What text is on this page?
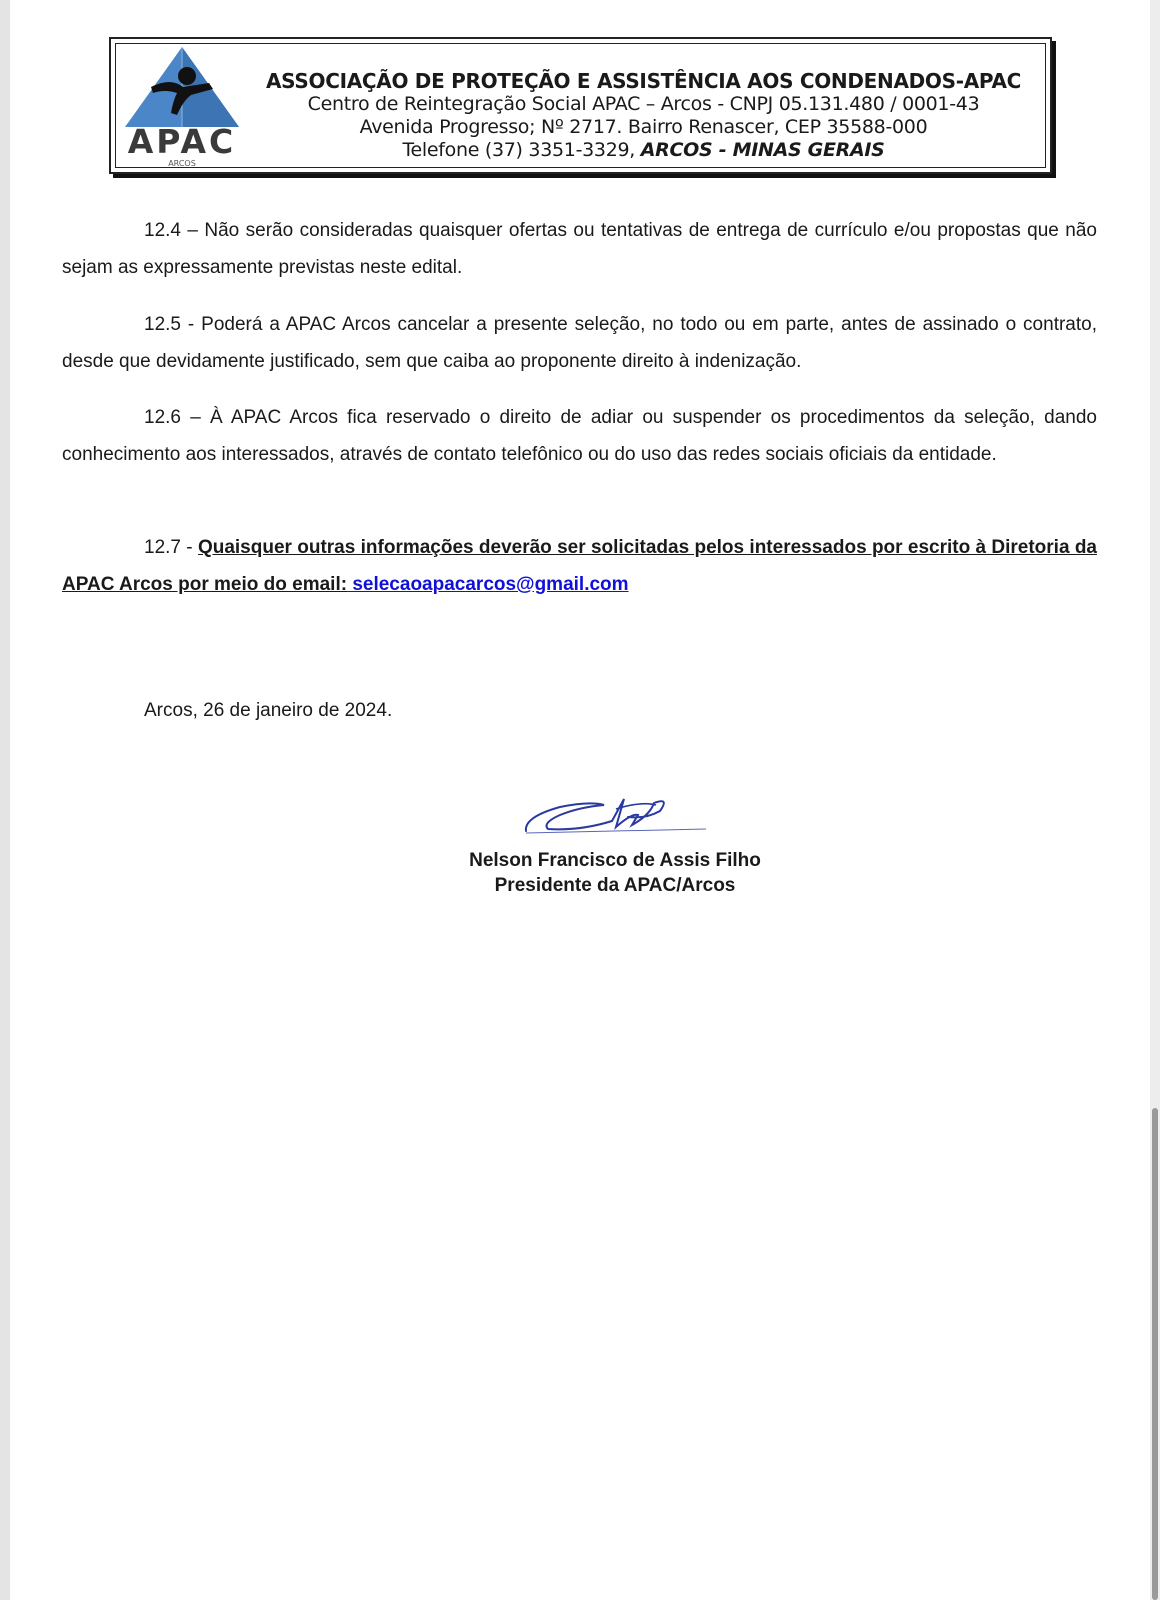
APAC
ARCOS
ASSOCIAÇÃO DE PROTEÇÃO E ASSISTÊNCIA AOS CONDENADOS-APAC
Centro de Reintegração Social APAC – Arcos - CNPJ 05.131.480 / 0001-43
Avenida Progresso; Nº 2717. Bairro Renascer, CEP 35588-000
Telefone (37) 3351-3329, ARCOS - MINAS GERAIS

12.4 – Não serão consideradas quaisquer ofertas ou tentativas de entrega de currículo e/ou propostas que não sejam as expressamente previstas neste edital.

12.5 - Poderá a APAC Arcos cancelar a presente seleção, no todo ou em parte, antes de assinado o contrato, desde que devidamente justificado, sem que caiba ao proponente direito à indenização.

12.6 – À APAC Arcos fica reservado o direito de adiar ou suspender os procedimentos da seleção, dando conhecimento aos interessados, através de contato telefônico ou do uso das redes sociais oficiais da entidade.

12.7 - Quaisquer outras informações deverão ser solicitadas pelos interessados por escrito à Diretoria da APAC Arcos por meio do email: selecaoapacarcos@gmail.com

Arcos, 26 de janeiro de 2024.

Nelson Francisco de Assis Filho
Presidente da APAC/Arcos
